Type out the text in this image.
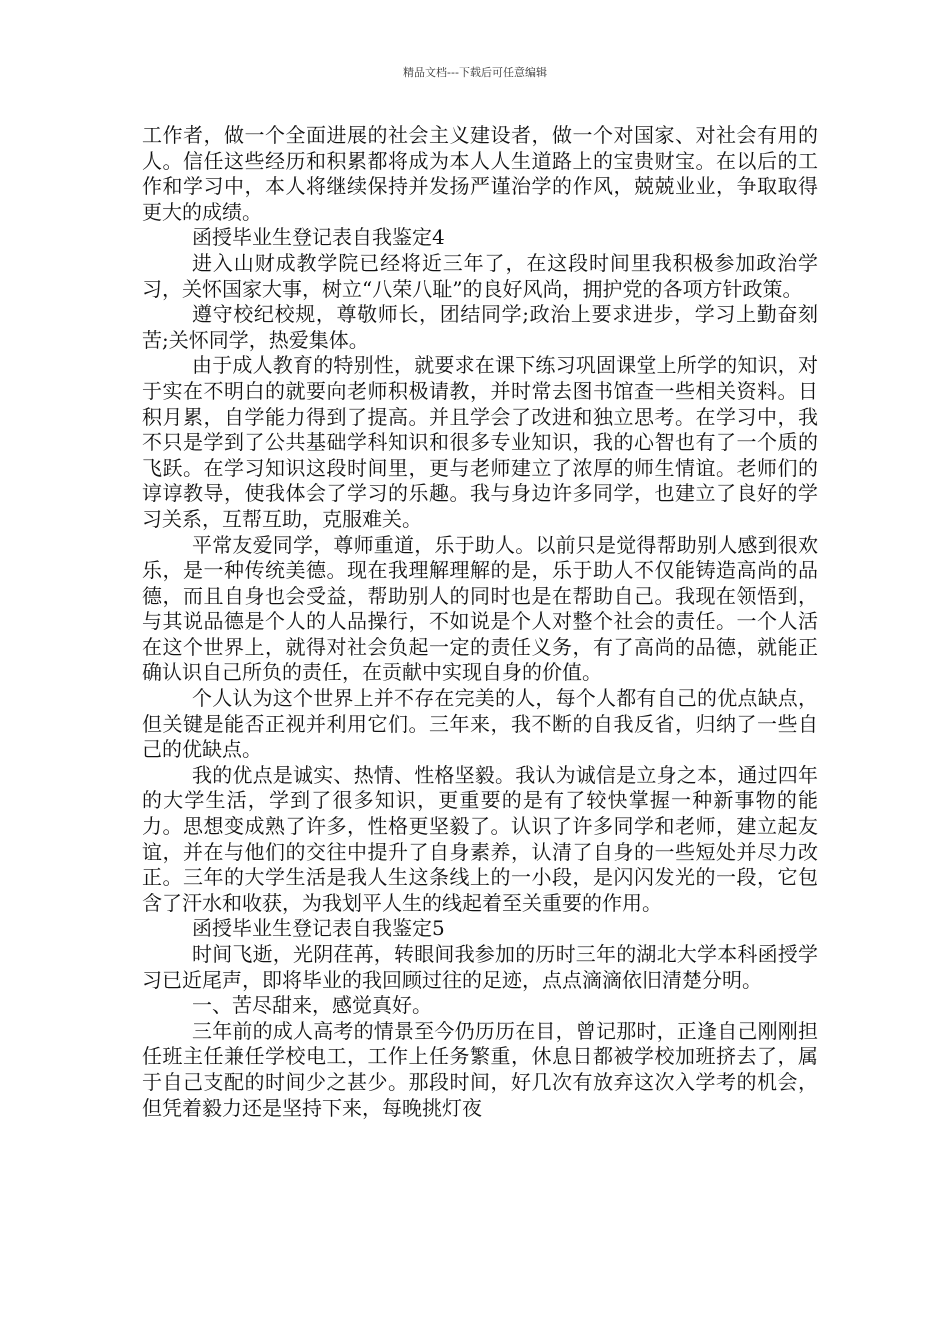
精品文档---下载后可任意编辑

工作者，做一个全面进展的社会主义建设者，做一个对国家、对社会有用的人。信任这些经历和积累都将成为本人人生道路上的宝贵财宝。在以后的工作和学习中，本人将继续保持并发扬严谨治学的作风，兢兢业业，争取取得更大的成绩。

函授毕业生登记表自我鉴定4

进入山财成教学院已经将近三年了，在这段时间里我积极参加政治学习，关怀国家大事，树立“八荣八耻”的良好风尚，拥护党的各项方针政策。

遵守校纪校规，尊敬师长，团结同学;政治上要求进步，学习上勤奋刻苦;关怀同学，热爱集体。

由于成人教育的特别性，就要求在课下练习巩固课堂上所学的知识，对于实在不明白的就要向老师积极请教，并时常去图书馆查一些相关资料。日积月累，自学能力得到了提高。并且学会了改进和独立思考。在学习中，我不只是学到了公共基础学科知识和很多专业知识，我的心智也有了一个质的飞跃。在学习知识这段时间里，更与老师建立了浓厚的师生情谊。老师们的谆谆教导，使我体会了学习的乐趣。我与身边许多同学，也建立了良好的学习关系，互帮互助，克服难关。

平常友爱同学，尊师重道，乐于助人。以前只是觉得帮助别人感到很欢乐，是一种传统美德。现在我理解理解的是，乐于助人不仅能铸造高尚的品德，而且自身也会受益，帮助别人的同时也是在帮助自己。我现在领悟到，与其说品德是个人的人品操行，不如说是个人对整个社会的责任。一个人活在这个世界上，就得对社会负起一定的责任义务，有了高尚的品德，就能正确认识自己所负的责任，在贡献中实现自身的价值。

个人认为这个世界上并不存在完美的人，每个人都有自己的优点缺点，但关键是能否正视并利用它们。三年来，我不断的自我反省，归纳了一些自己的优缺点。

我的优点是诚实、热情、性格坚毅。我认为诚信是立身之本，通过四年的大学生活，学到了很多知识，更重要的是有了较快掌握一种新事物的能力。思想变成熟了许多，性格更坚毅了。认识了许多同学和老师，建立起友谊，并在与他们的交往中提升了自身素养，认清了自身的一些短处并尽力改正。三年的大学生活是我人生这条线上的一小段，是闪闪发光的一段，它包含了汗水和收获，为我划平人生的线起着至关重要的作用。

函授毕业生登记表自我鉴定5

时间飞逝，光阴荏苒，转眼间我参加的历时三年的湖北大学本科函授学习已近尾声，即将毕业的我回顾过往的足迹，点点滴滴依旧清楚分明。

一、苦尽甜来，感觉真好。

三年前的成人高考的情景至今仍历历在目，曾记那时，正逢自己刚刚担任班主任兼任学校电工，工作上任务繁重，休息日都被学校加班挤去了，属于自己支配的时间少之甚少。那段时间，好几次有放弃这次入学考的机会，但凭着毅力还是坚持下来，每晚挑灯夜
